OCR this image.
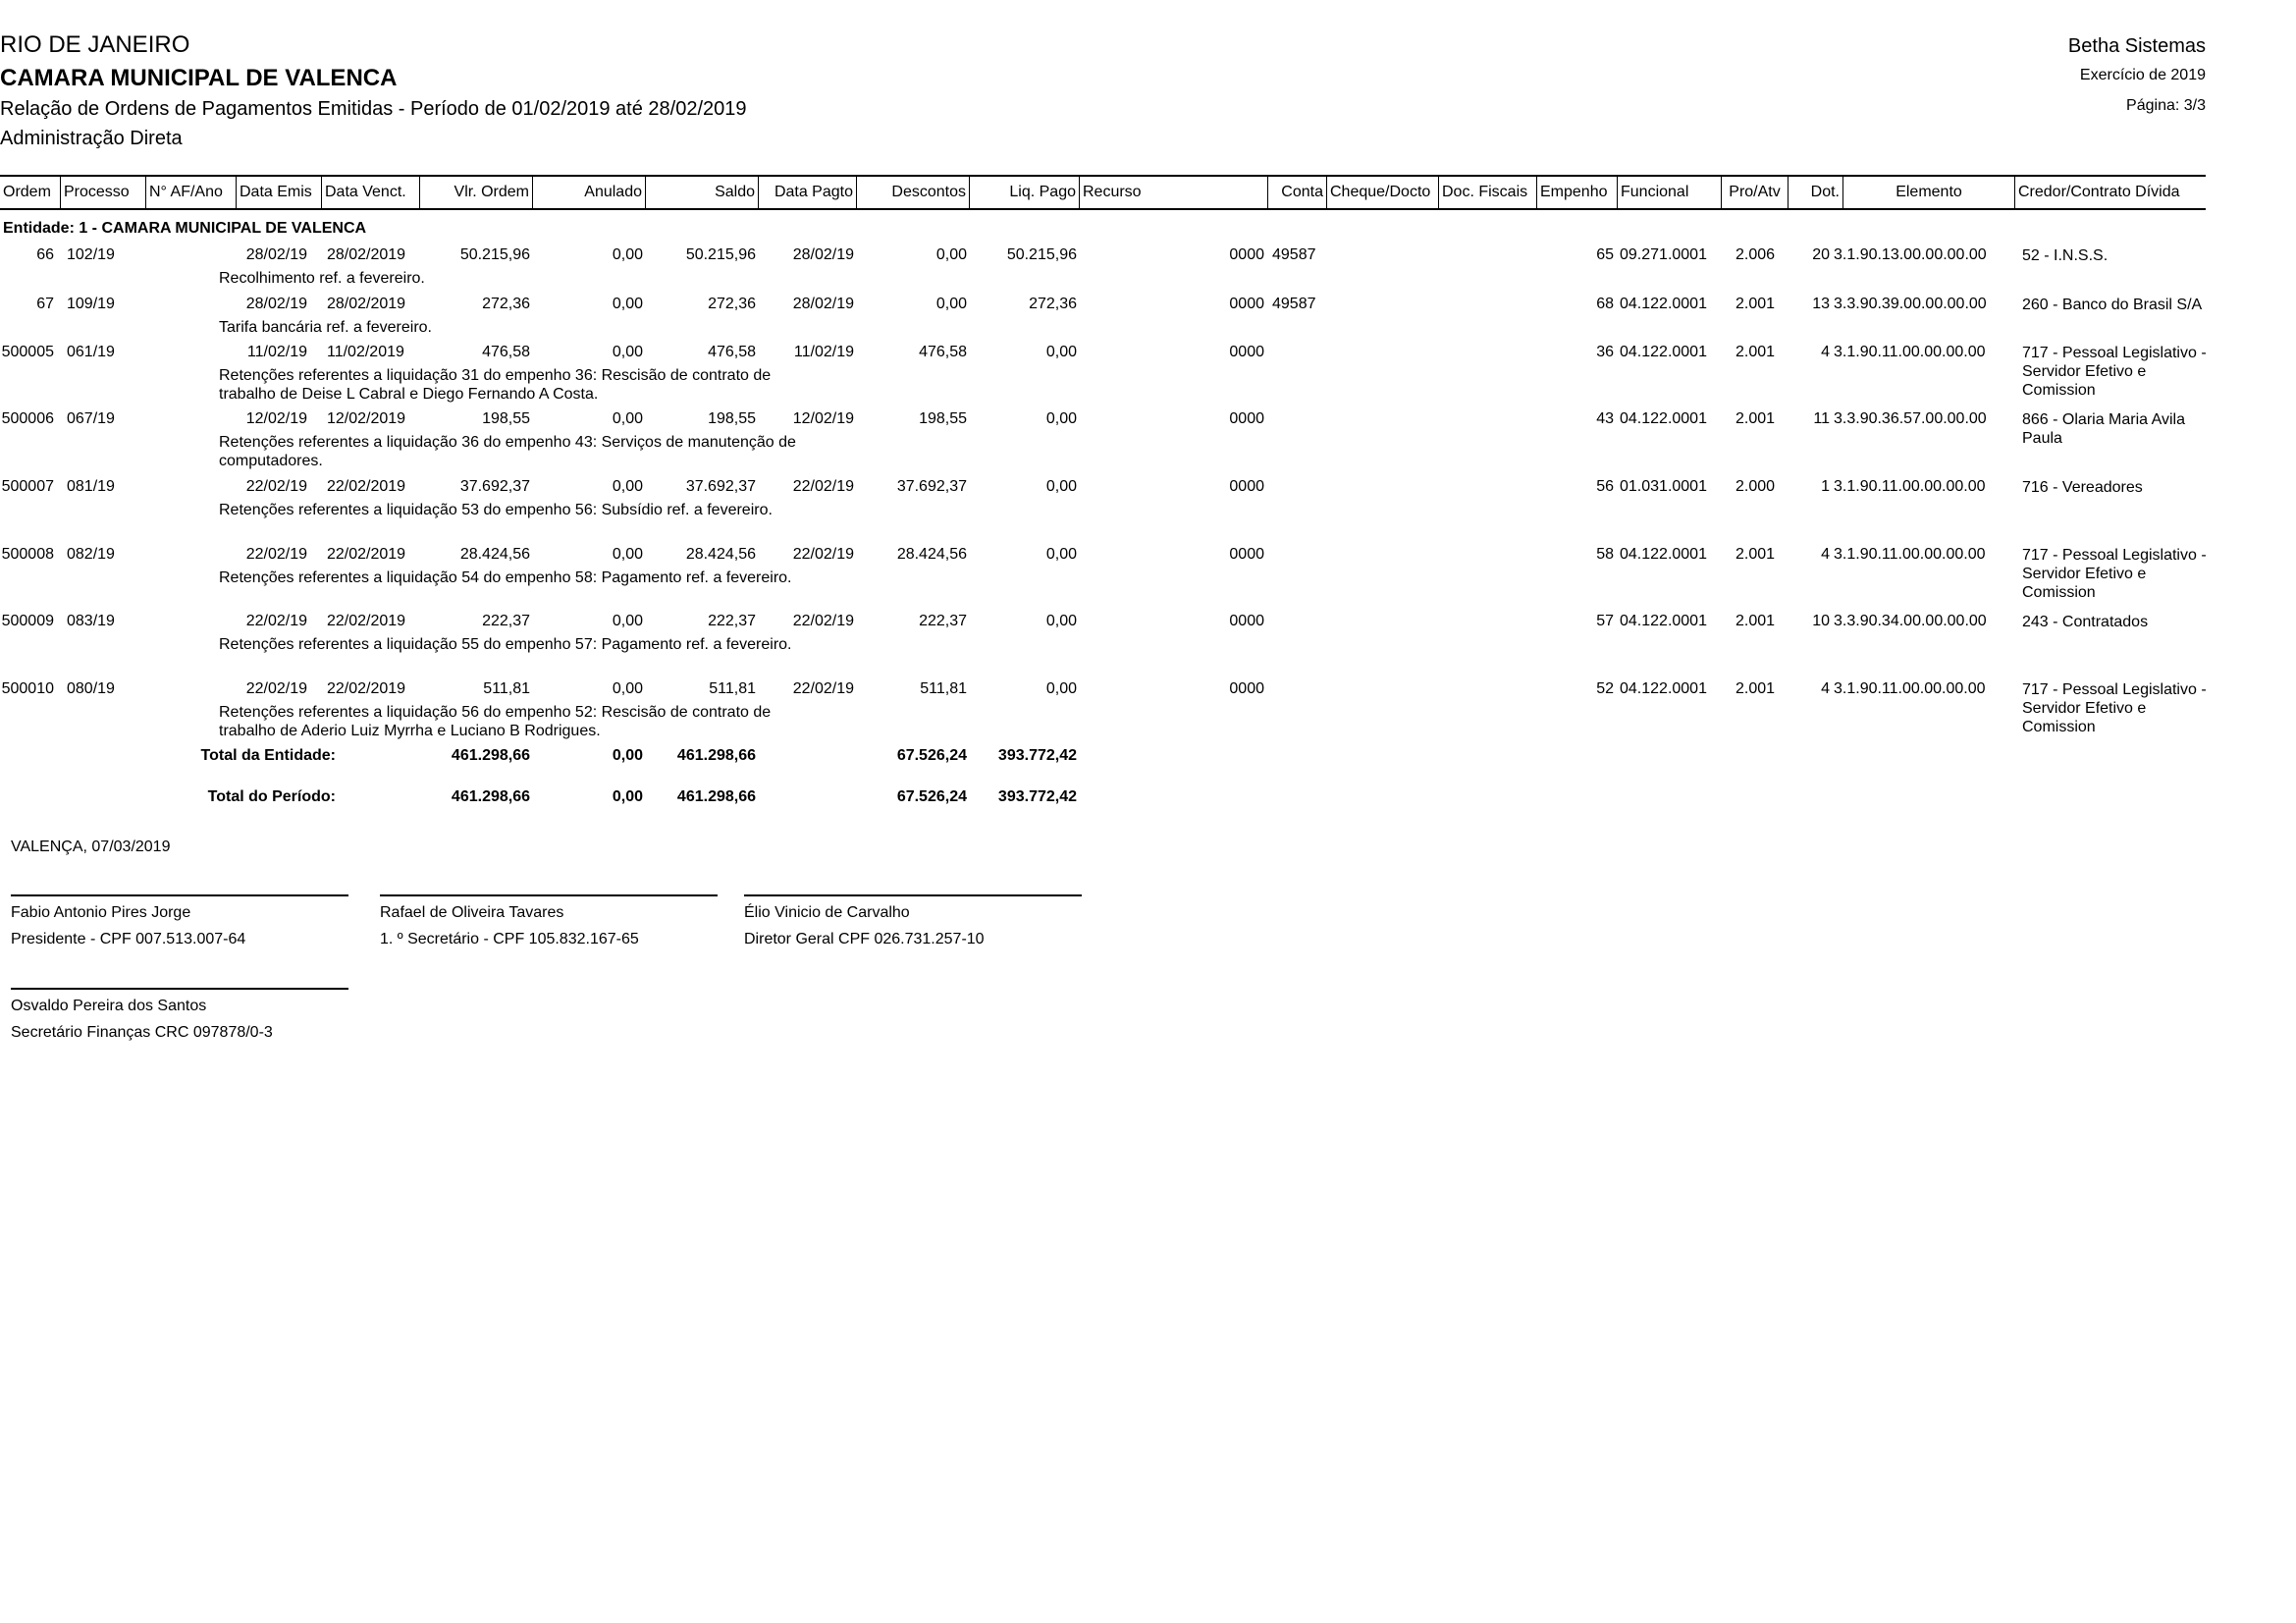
RIO DE JANEIRO
CAMARA MUNICIPAL DE VALENCA
Relação de Ordens de Pagamentos Emitidas - Período de 01/02/2019 até 28/02/2019
Administração Direta
Betha Sistemas
Exercício de 2019
Página: 3/3
Ordem Processo	N° AF/Ano	Data Emis Data Venct.	Vlr. Ordem	Anulado	Saldo	Data Pagto	Descontos	Liq. Pago Recurso	Conta Cheque/Docto Doc. Fiscais Empenho Funcional	Pro/Atv	Dot.	Elemento	Credor/Contrato Dívida
Entidade: 1 - CAMARA MUNICIPAL DE VALENCA
66 102/19	28/02/19 28/02/2019	50.215,96	0,00	50.215,96	28/02/19	0,00	50.215,96	0000 49587	65 09.271.0001	2.006	20 3.1.90.13.00.00.00.00	52 - I.N.S.S.
Recolhimento ref. a fevereiro.
67 109/19	28/02/19 28/02/2019	272,36	0,00	272,36	28/02/19	0,00	272,36	0000 49587	68 04.122.0001	2.001	13 3.3.90.39.00.00.00.00	260 - Banco do Brasil S/A
Tarifa bancária ref. a fevereiro.
500005 061/19	11/02/19 11/02/2019	476,58	0,00	476,58	11/02/19	476,58	0,00	0000	36 04.122.0001	2.001	4 3.1.90.11.00.00.00.00	717 - Pessoal Legislativo - Servidor Efetivo e Comission
Retenções referentes a liquidação 31 do empenho 36: Rescisão de contrato de trabalho de Deise L Cabral e Diego Fernando A Costa.
500006 067/19	12/02/19 12/02/2019	198,55	0,00	198,55	12/02/19	198,55	0,00	0000	43 04.122.0001	2.001	11 3.3.90.36.57.00.00.00	866 - Olaria Maria Avila Paula
Retenções referentes a liquidação 36 do empenho 43: Serviços de manutenção de computadores.
500007 081/19	22/02/19 22/02/2019	37.692,37	0,00	37.692,37	22/02/19	37.692,37	0,00	0000	56 01.031.0001	2.000	1 3.1.90.11.00.00.00.00	716 - Vereadores
Retenções referentes a liquidação 53 do empenho 56: Subsídio ref. a fevereiro.
500008 082/19	22/02/19 22/02/2019	28.424,56	0,00	28.424,56	22/02/19	28.424,56	0,00	0000	58 04.122.0001	2.001	4 3.1.90.11.00.00.00.00	717 - Pessoal Legislativo - Servidor Efetivo e Comission
Retenções referentes a liquidação 54 do empenho 58: Pagamento ref. a fevereiro.
500009 083/19	22/02/19 22/02/2019	222,37	0,00	222,37	22/02/19	222,37	0,00	0000	57 04.122.0001	2.001	10 3.3.90.34.00.00.00.00	243 - Contratados
Retenções referentes a liquidação 55 do empenho 57: Pagamento ref. a fevereiro.
500010 080/19	22/02/19 22/02/2019	511,81	0,00	511,81	22/02/19	511,81	0,00	0000	52 04.122.0001	2.001	4 3.1.90.11.00.00.00.00	717 - Pessoal Legislativo - Servidor Efetivo e Comission
Retenções referentes a liquidação 56 do empenho 52: Rescisão de contrato de trabalho de Aderio Luiz Myrrha e Luciano B Rodrigues.
Total da Entidade:	461.298,66	0,00	461.298,66	67.526,24	393.772,42
Total do Período:	461.298,66	0,00	461.298,66	67.526,24	393.772,42
VALENÇA, 07/03/2019
Fabio Antonio Pires Jorge
Presidente - CPF 007.513.007-64
Rafael de Oliveira Tavares
1. º Secretário - CPF 105.832.167-65
Élio Vinicio de Carvalho
Diretor Geral CPF 026.731.257-10
Osvaldo Pereira dos Santos
Secretário Finanças CRC 097878/0-3
